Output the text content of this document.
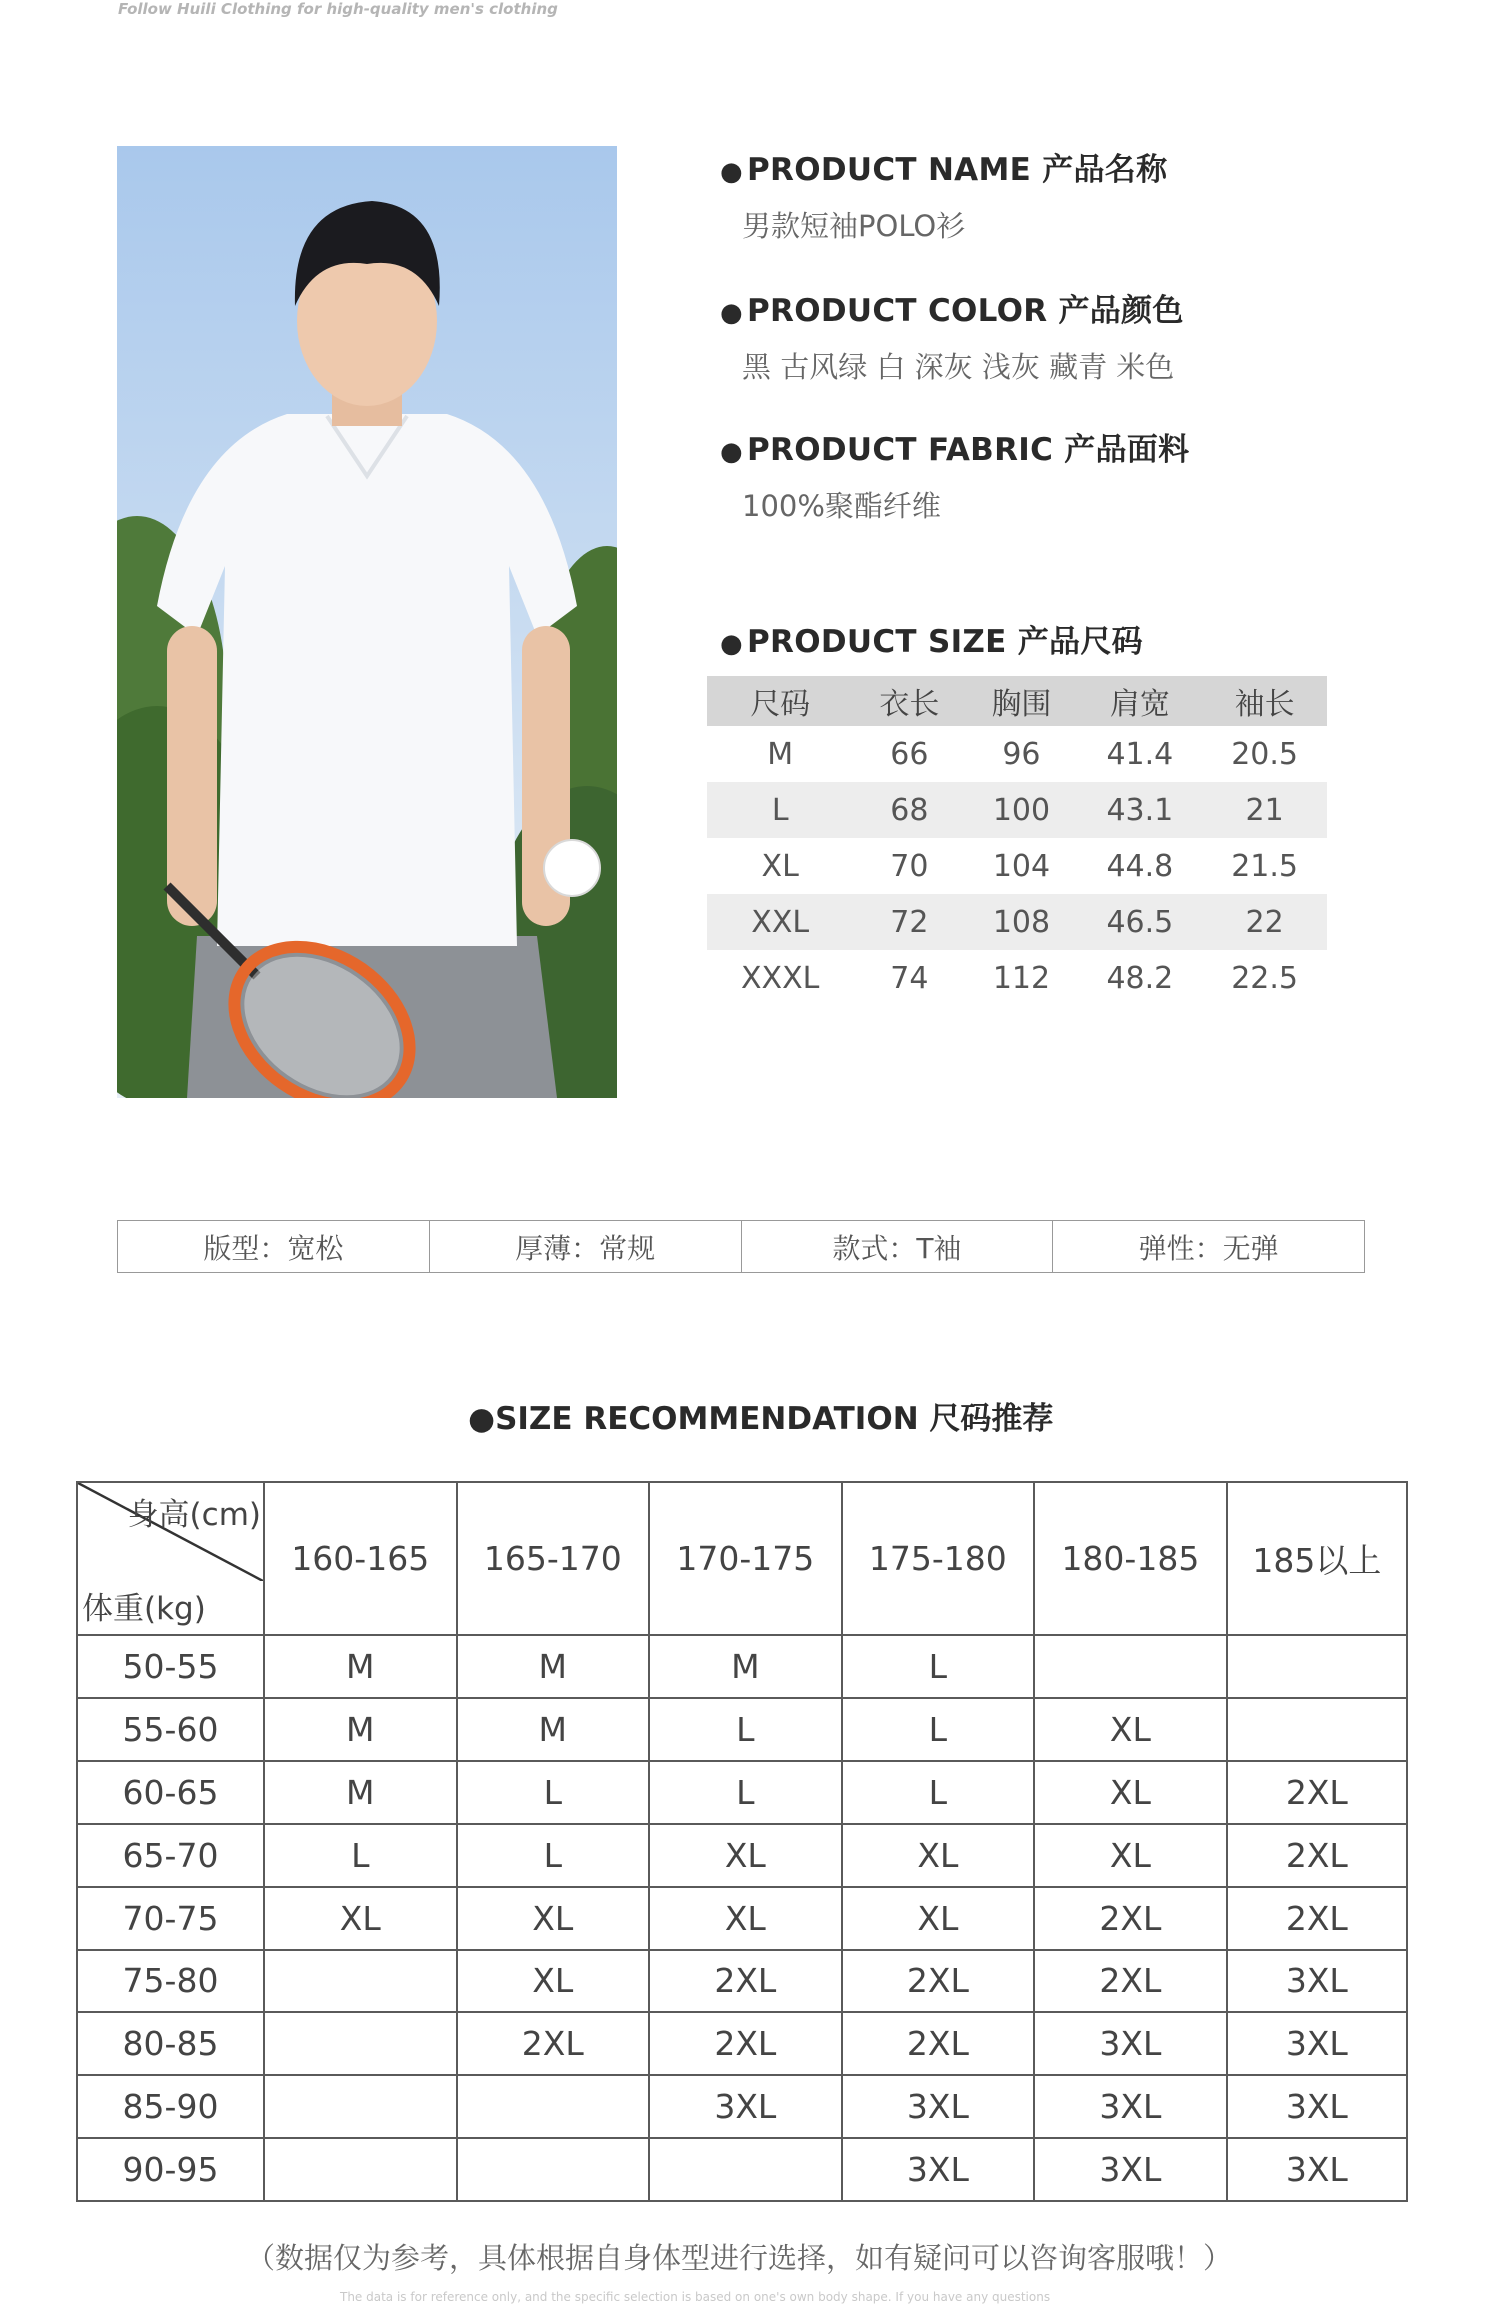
Follow Huili Clothing for high-quality men's clothing
● PRODUCT NAME 产品名称

男款短袖POLO衫

● PRODUCT COLOR 产品颜色

黑 古风绿 白 深灰 浅灰 藏青 米色

● PRODUCT FABRIC 产品面料

100%聚酯纤维

● PRODUCT SIZE 产品尺码
尺码	衣长	胸围	肩宽	袖长
M	66	96	41.4	20.5
L	68	100	43.1	21
XL	70	104	44.8	21.5
XXL	72	108	46.5	22
XXXL	74	112	48.2	22.5
版型：宽松	厚薄：常规	款式：T袖	弹性：无弹
●SIZE RECOMMENDATION 尺码推荐
身高(cm)
体重(kg)	160-165	165-170	170-175	175-180	180-185	185以上
50-55	M	M	M	L		
55-60	M	M	L	L	XL	
60-65	M	L	L	L	XL	2XL
65-70	L	L	XL	XL	XL	2XL
70-75	XL	XL	XL	XL	2XL	2XL
75-80		XL	2XL	2XL	2XL	3XL
80-85		2XL	2XL	2XL	3XL	3XL
85-90			3XL	3XL	3XL	3XL
90-95				3XL	3XL	3XL
（数据仅为参考，具体根据自身体型进行选择，如有疑问可以咨询客服哦！）
The data is for reference only, and the specific selection is based on one's own body shape. If you have any questions
